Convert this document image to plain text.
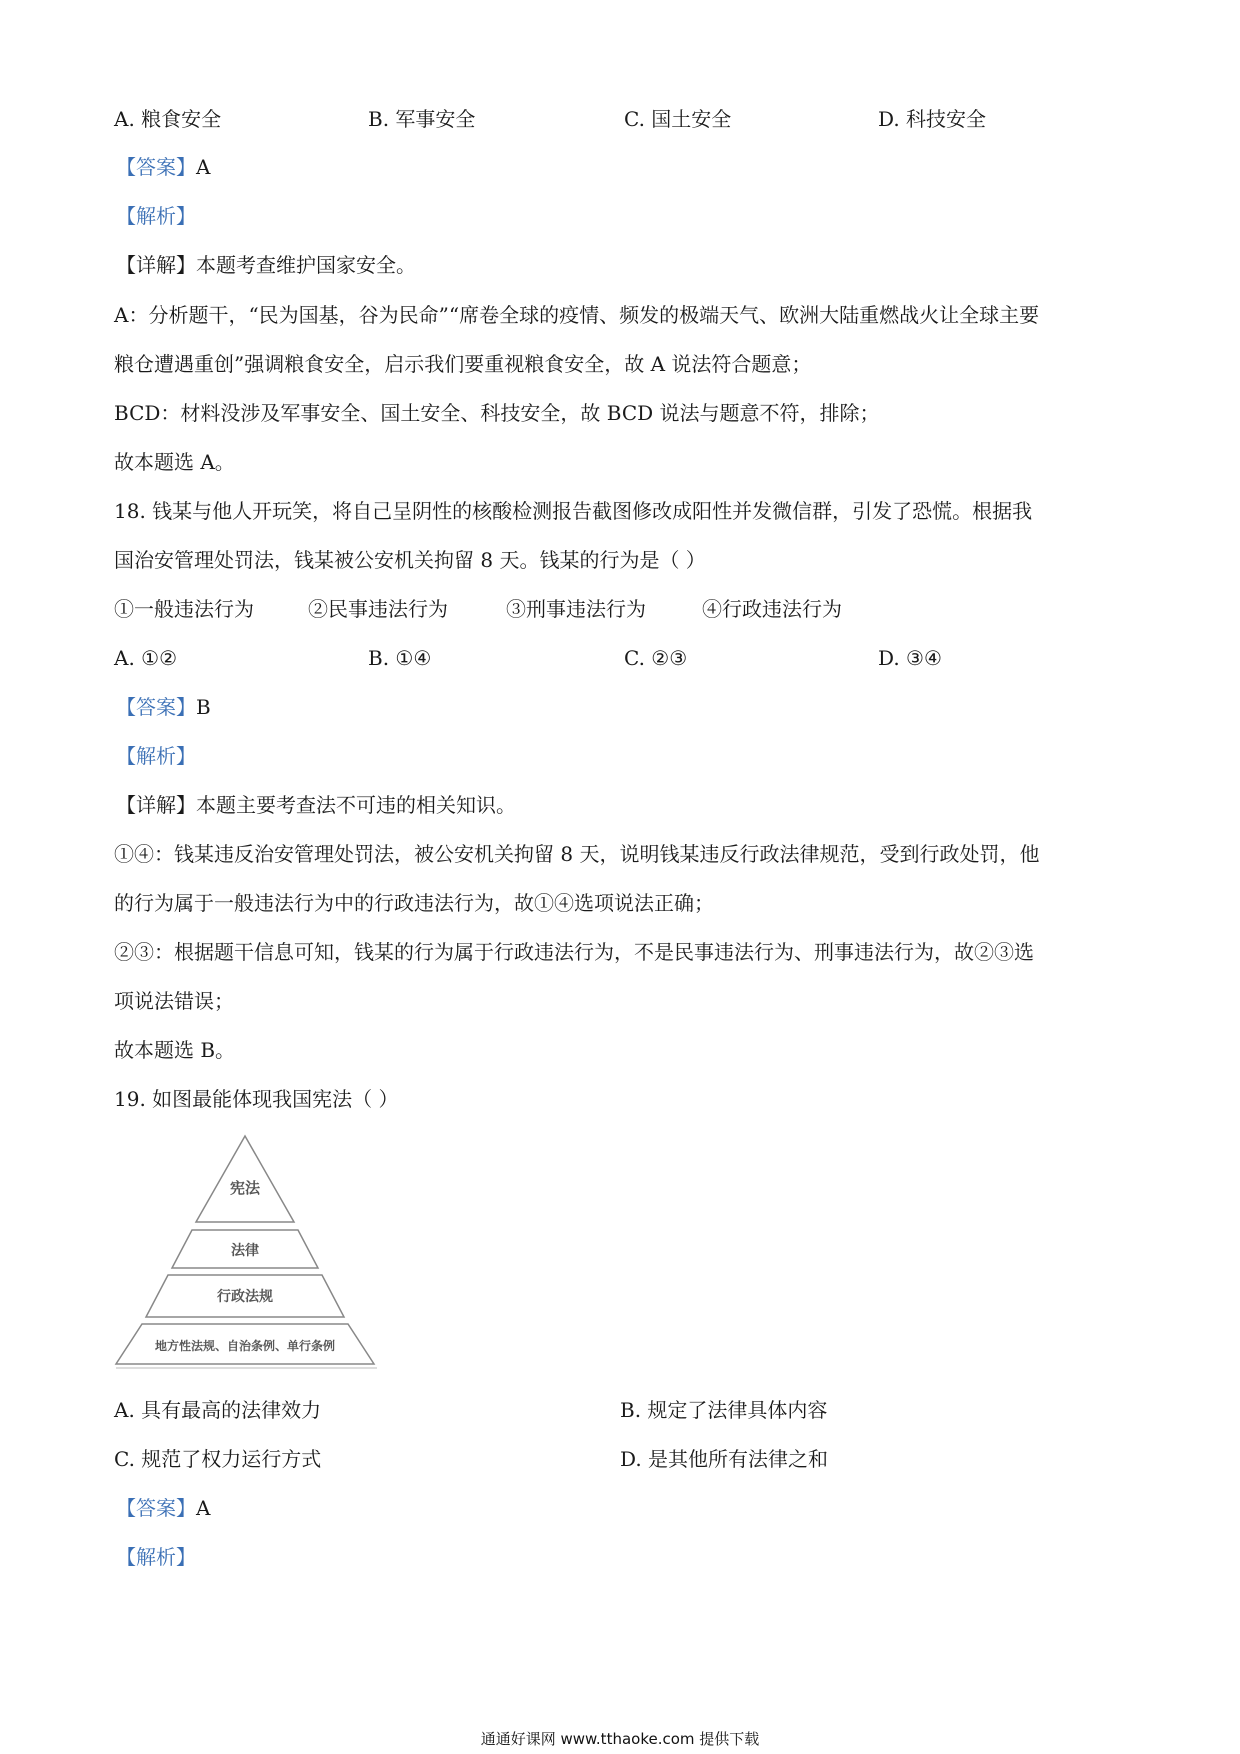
A. 粮食安全	B. 军事安全	C. 国土安全	D. 科技安全
【答案】A
【解析】
【详解】本题考查维护国家安全。
A：分析题干，“民为国基，谷为民命”“席卷全球的疫情、频发的极端天气、欧洲大陆重燃战火让全球主要
粮仓遭遇重创”强调粮食安全，启示我们要重视粮食安全，故 A 说法符合题意；
BCD：材料没涉及军事安全、国土安全、科技安全，故 BCD 说法与题意不符，排除；
故本题选 A。
18. 钱某与他人开玩笑，将自己呈阴性的核酸检测报告截图修改成阳性并发微信群，引发了恐慌。根据我
国治安管理处罚法，钱某被公安机关拘留 8 天。钱某的行为是（ ）
①一般违法行为	②民事违法行为	③刑事违法行为	④行政违法行为
A. ①②	B. ①④	C. ②③	D. ③④
【答案】B
【解析】
【详解】本题主要考查法不可违的相关知识。
①④：钱某违反治安管理处罚法，被公安机关拘留 8 天，说明钱某违反行政法律规范，受到行政处罚，他
的行为属于一般违法行为中的行政违法行为，故①④选项说法正确；
②③：根据题干信息可知，钱某的行为属于行政违法行为，不是民事违法行为、刑事违法行为，故②③选
项说法错误；
故本题选 B。
19. 如图最能体现我国宪法（ ）
宪法
法律
行政法规
地方性法规、自治条例、单行条例
A. 具有最高的法律效力	B. 规定了法律具体内容
C. 规范了权力运行方式	D. 是其他所有法律之和
【答案】A
【解析】
通通好课网 www.tthaoke.com 提供下载
